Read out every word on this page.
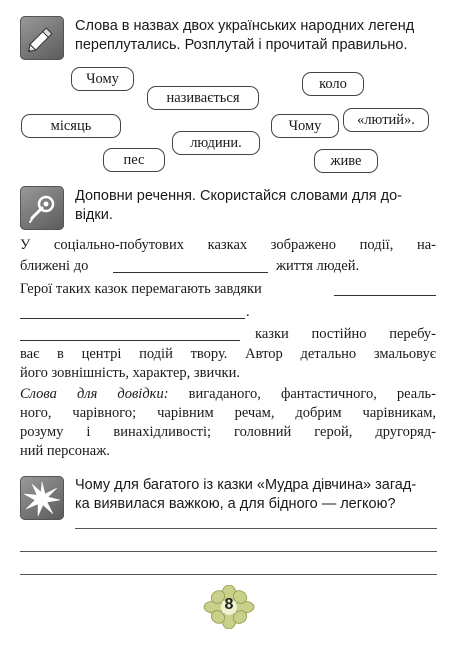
Слова в назвах двох українських народних легенд
переплутались. Розплутай і прочитай правильно.
Чому
називається
коло
місяць
людини.
Чому	«лютий».
пес	живе
Доповни речення. Скористайся словами для до-
відки.
У соціально-побутових казках зображено події, на-
ближені до	життя людей.
Герої таких казок перемагають завдяки
.
казки постійно перебу-
ває в центрі подій твору. Автор детально змальовує
його зовнішність, характер, звички.
Слова для довідки: вигаданого, фантастичного, реаль-
ного, чарівного; чарівним речам, добрим чарівникам,
розуму і винахідливості; головний герой, другоряд-
ний персонаж.
Чому для багатого із казки «Мудра дівчина» загад-
ка виявилася важкою, а для бідного — легкою?
8
